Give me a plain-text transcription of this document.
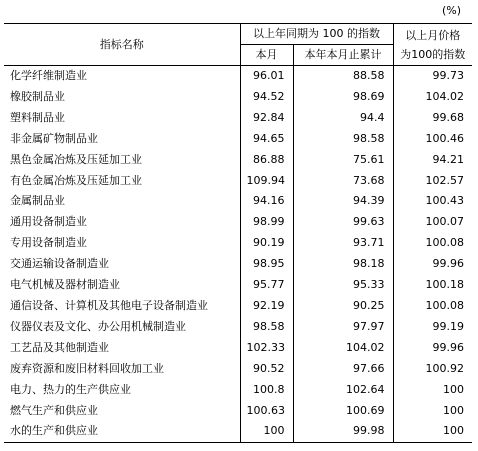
(%)
指标名称	以上年同期为 100 的指数		以上月价格
为100的指数

	本月	本年本月止累计	
化学纤维制造业	96.01	88.58	99.73
橡胶制品业	94.52	98.69	104.02
塑料制品业	92.84	94.4	99.68
非金属矿物制品业	94.65	98.58	100.46
黑色金属冶炼及压延加工业	86.88	75.61	94.21
有色金属冶炼及压延加工业	109.94	73.68	102.57
金属制品业	94.16	94.39	100.43
通用设备制造业	98.99	99.63	100.07
专用设备制造业	90.19	93.71	100.08
交通运输设备制造业	98.95	98.18	99.96
电气机械及器材制造业	95.77	95.33	100.18
通信设备、计算机及其他电子设备制造业	92.19	90.25	100.08
仪器仪表及文化、办公用机械制造业	98.58	97.97	99.19
工艺品及其他制造业	102.33	104.02	99.96
废弃资源和废旧材料回收加工业	90.52	97.66	100.92
电力、热力的生产供应业	100.8	102.64	100
燃气生产和供应业	100.63	100.69	100
水的生产和供应业	100	99.98	100
